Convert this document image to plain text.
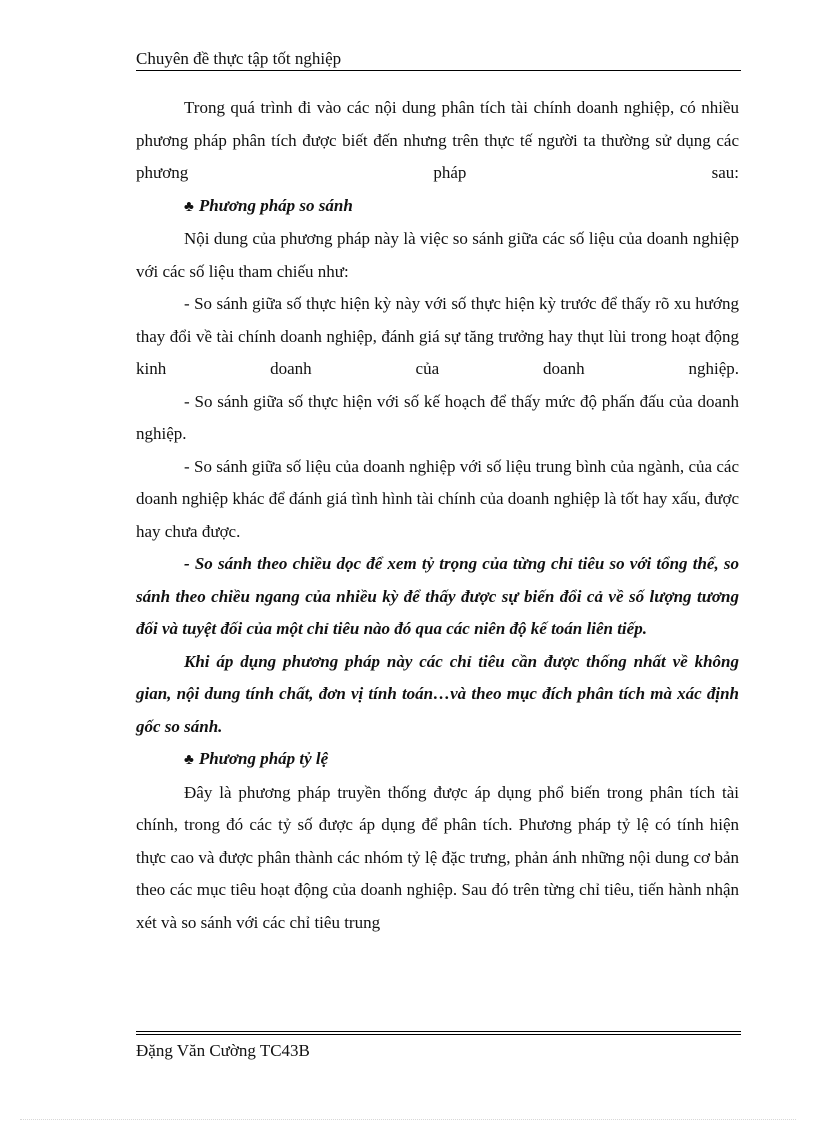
Chuyên đề thực tập tốt nghiệp

Trong quá trình đi vào các nội dung phân tích tài chính doanh nghiệp, có nhiều phương pháp phân tích được biết đến nhưng trên thực tế người ta thường sử dụng các phương pháp sau:

♣ Phương pháp so sánh

Nội dung của phương pháp này là việc so sánh giữa các số liệu của doanh nghiệp với các số liệu tham chiếu như:

- So sánh giữa số thực hiện kỳ này với số thực hiện kỳ trước để thấy rõ xu hướng thay đổi về tài chính doanh nghiệp, đánh giá sự tăng trưởng hay thụt lùi trong hoạt động kinh doanh của doanh nghiệp.

- So sánh giữa số thực hiện với số kế hoạch để thấy mức độ phấn đấu của doanh nghiệp.

- So sánh giữa số liệu của doanh nghiệp với số liệu trung bình của ngành, của các doanh nghiệp khác để đánh giá tình hình tài chính của doanh nghiệp là tốt hay xấu, được hay chưa được.

- So sánh theo chiều dọc để xem tỷ trọng của từng chỉ tiêu so với tổng thể, so sánh theo chiều ngang của nhiều kỳ để thấy được sự biến đổi cả về số lượng tương đối và tuyệt đối của một chỉ tiêu nào đó qua các niên độ kế toán liên tiếp.

Khi áp dụng phương pháp này các chỉ tiêu cần được thống nhất về không gian, nội dung tính chất, đơn vị tính toán…và theo mục đích phân tích mà xác định gốc so sánh.

♣ Phương pháp tỷ lệ

Đây là phương pháp truyền thống được áp dụng phổ biến trong phân tích tài chính, trong đó các tỷ số được áp dụng để phân tích. Phương pháp tỷ lệ có tính hiện thực cao và được phân thành các nhóm tỷ lệ đặc trưng, phản ánh những nội dung cơ bản theo các mục tiêu hoạt động của doanh nghiệp. Sau đó trên từng chỉ tiêu, tiến hành nhận xét và so sánh với các chỉ tiêu trung

Đặng Văn Cường TC43B
